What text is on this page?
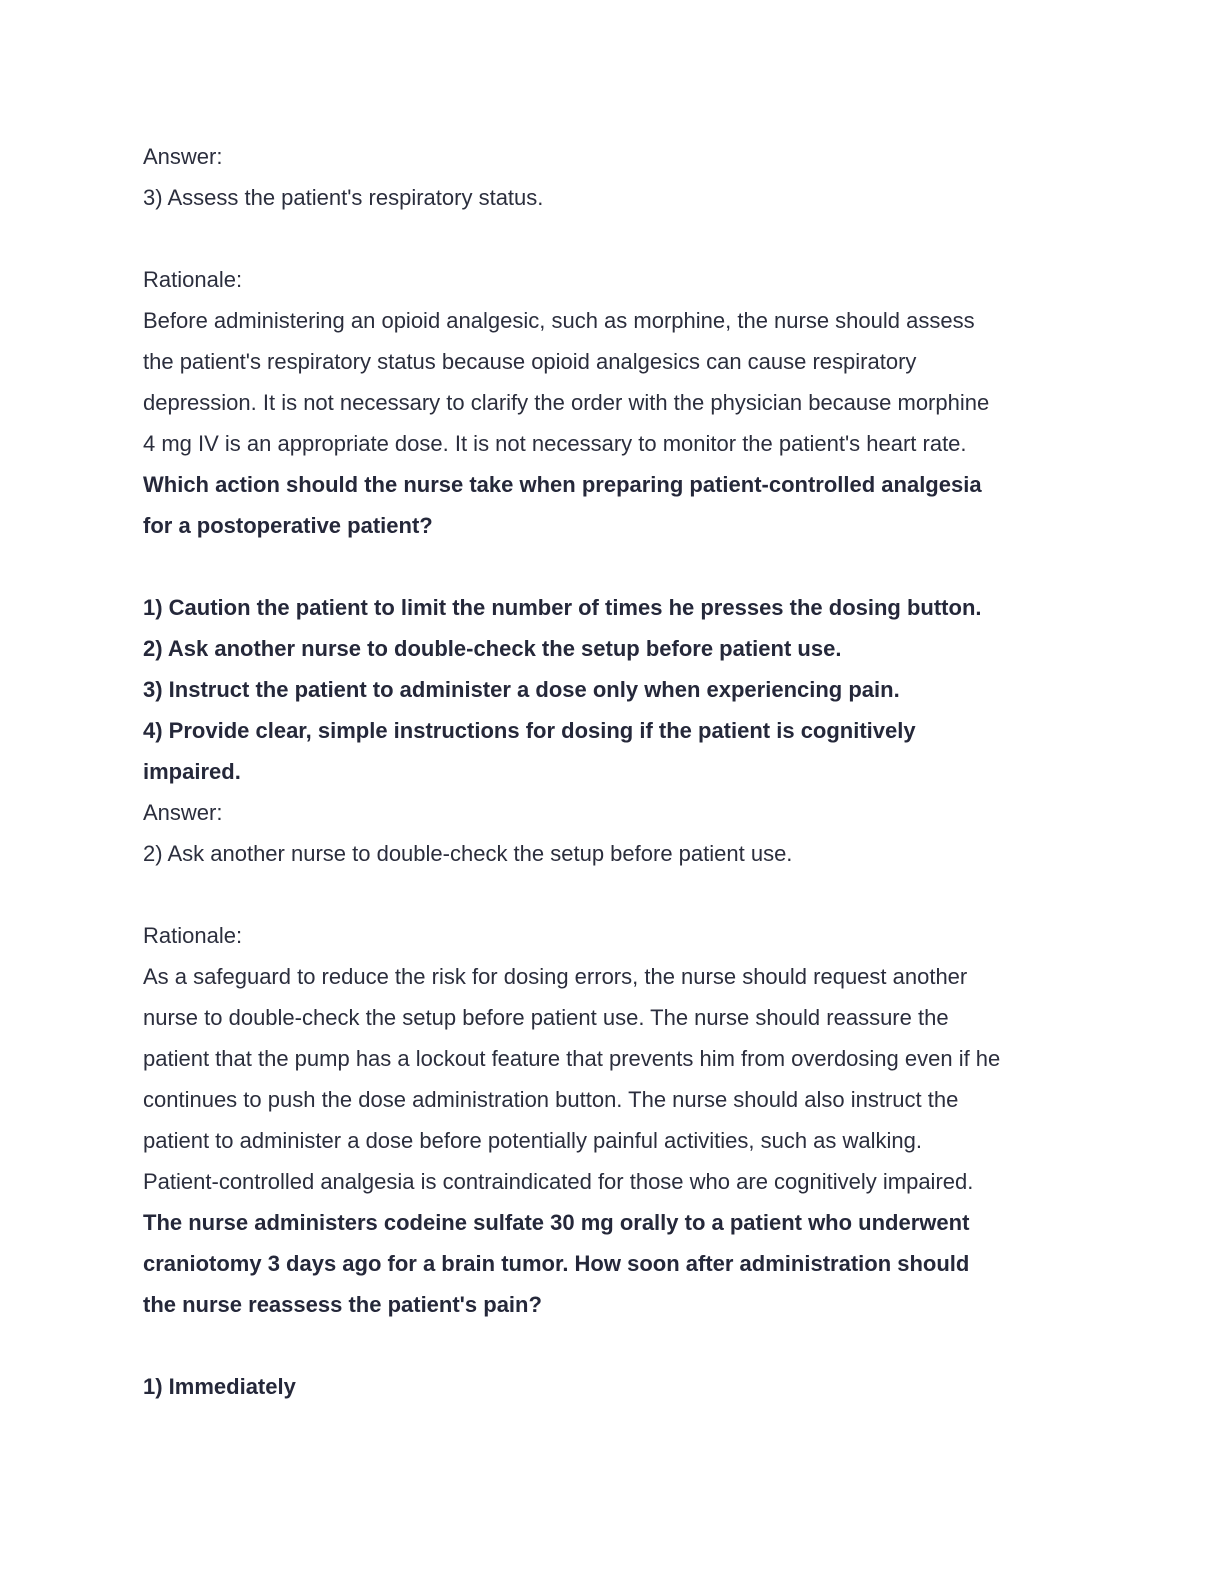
Answer:

3) Assess the patient's respiratory status.

Rationale:

Before administering an opioid analgesic, such as morphine, the nurse should assess

the patient's respiratory status because opioid analgesics can cause respiratory

depression. It is not necessary to clarify the order with the physician because morphine

4 mg IV is an appropriate dose. It is not necessary to monitor the patient's heart rate.

Which action should the nurse take when preparing patient-controlled analgesia

for a postoperative patient?

1) Caution the patient to limit the number of times he presses the dosing button.

2) Ask another nurse to double-check the setup before patient use.

3) Instruct the patient to administer a dose only when experiencing pain.

4) Provide clear, simple instructions for dosing if the patient is cognitively

impaired.

Answer:

2) Ask another nurse to double-check the setup before patient use.

Rationale:

As a safeguard to reduce the risk for dosing errors, the nurse should request another

nurse to double-check the setup before patient use. The nurse should reassure the

patient that the pump has a lockout feature that prevents him from overdosing even if he

continues to push the dose administration button. The nurse should also instruct the

patient to administer a dose before potentially painful activities, such as walking.

Patient-controlled analgesia is contraindicated for those who are cognitively impaired.

The nurse administers codeine sulfate 30 mg orally to a patient who underwent

craniotomy 3 days ago for a brain tumor. How soon after administration should

the nurse reassess the patient's pain?

1) Immediately
